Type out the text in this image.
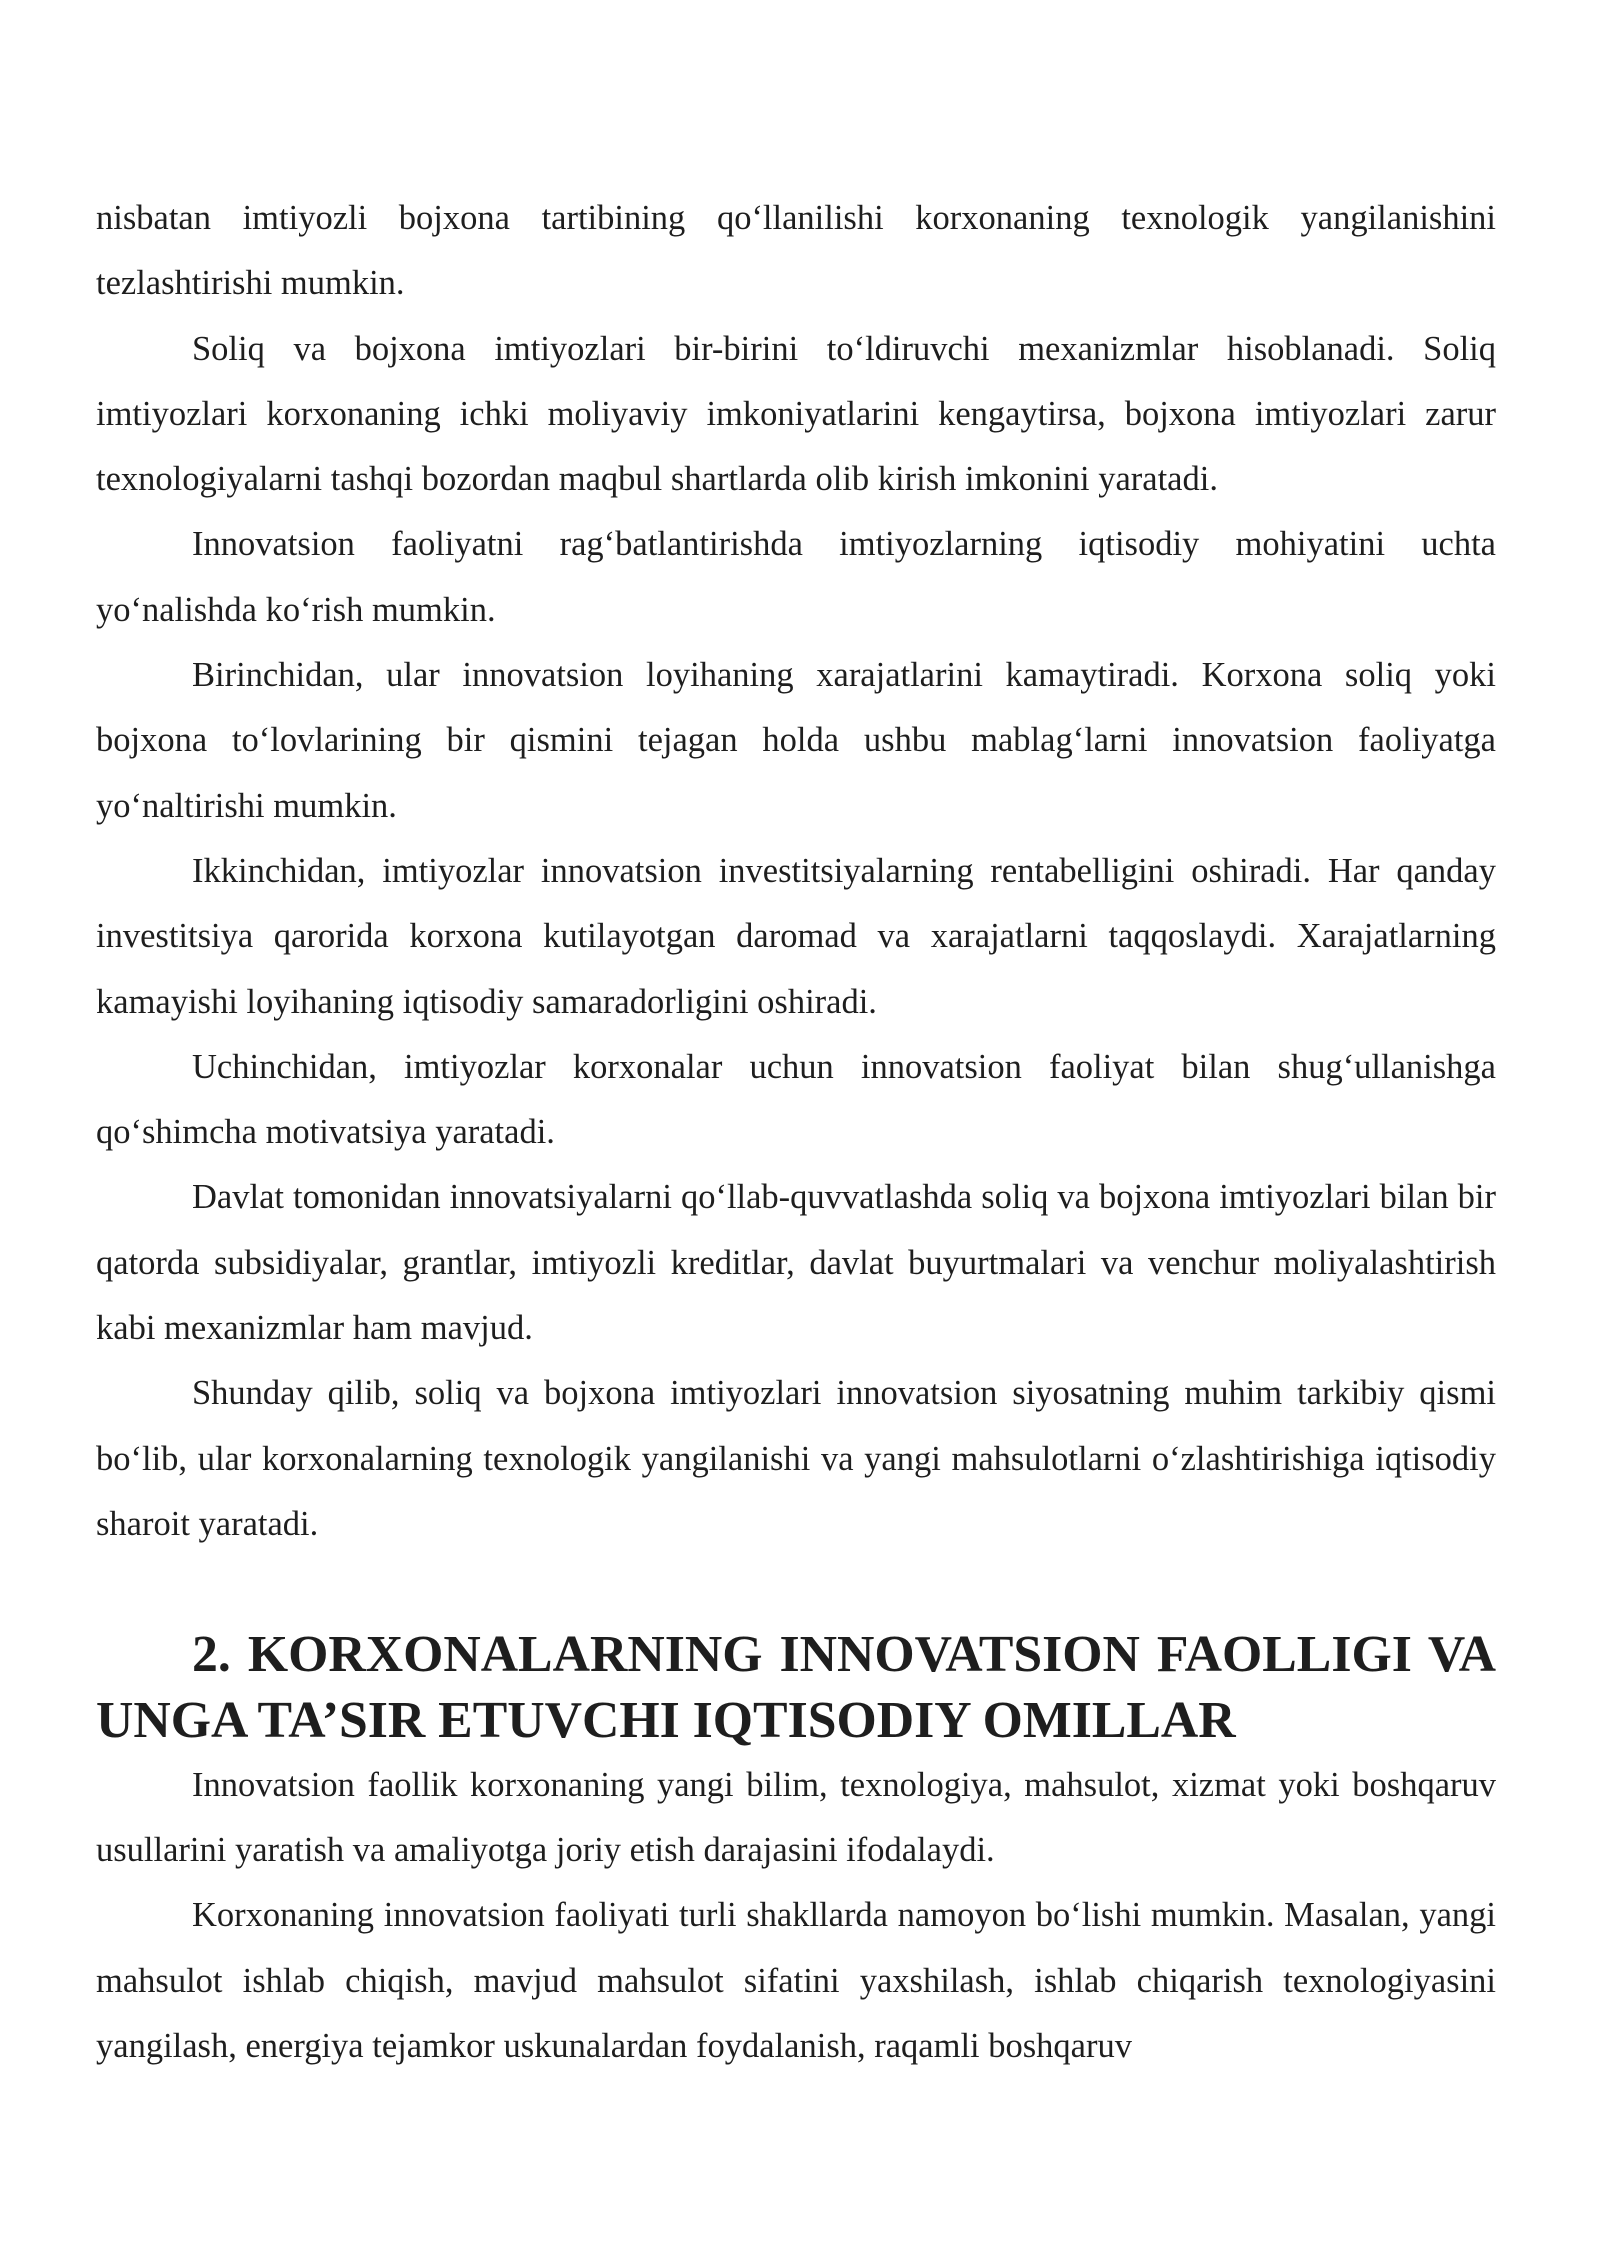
nisbatan imtiyozli bojxona tartibining qo‘llanilishi korxonaning texnologik yangilanishini tezlashtirishi mumkin.

Soliq va bojxona imtiyozlari bir-birini to‘ldiruvchi mexanizmlar hisoblanadi. Soliq imtiyozlari korxonaning ichki moliyaviy imkoniyatlarini kengaytirsa, bojxona imtiyozlari zarur texnologiyalarni tashqi bozordan maqbul shartlarda olib kirish imkonini yaratadi.

Innovatsion faoliyatni rag‘batlantirishda imtiyozlarning iqtisodiy mohiyatini uchta yo‘nalishda ko‘rish mumkin.

Birinchidan, ular innovatsion loyihaning xarajatlarini kamaytiradi. Korxona soliq yoki bojxona to‘lovlarining bir qismini tejagan holda ushbu mablag‘larni innovatsion faoliyatga yo‘naltirishi mumkin.

Ikkinchidan, imtiyozlar innovatsion investitsiyalarning rentabelligini oshiradi. Har qanday investitsiya qarorida korxona kutilayotgan daromad va xarajatlarni taqqoslaydi. Xarajatlarning kamayishi loyihaning iqtisodiy samaradorligini oshiradi.

Uchinchidan, imtiyozlar korxonalar uchun innovatsion faoliyat bilan shug‘ullanishga qo‘shimcha motivatsiya yaratadi.

Davlat tomonidan innovatsiyalarni qo‘llab-quvvatlashda soliq va bojxona imtiyozlari bilan bir qatorda subsidiyalar, grantlar, imtiyozli kreditlar, davlat buyurtmalari va venchur moliyalashtirish kabi mexanizmlar ham mavjud.

Shunday qilib, soliq va bojxona imtiyozlari innovatsion siyosatning muhim tarkibiy qismi bo‘lib, ular korxonalarning texnologik yangilanishi va yangi mahsulotlarni o‘zlashtirishiga iqtisodiy sharoit yaratadi.

2. KORXONALARNING INNOVATSION FAOLLIGI VA UNGA TA’SIR ETUVCHI IQTISODIY OMILLAR

Innovatsion faollik korxonaning yangi bilim, texnologiya, mahsulot, xizmat yoki boshqaruv usullarini yaratish va amaliyotga joriy etish darajasini ifodalaydi.

Korxonaning innovatsion faoliyati turli shakllarda namoyon bo‘lishi mumkin. Masalan, yangi mahsulot ishlab chiqish, mavjud mahsulot sifatini yaxshilash, ishlab chiqarish texnologiyasini yangilash, energiya tejamkor uskunalardan foydalanish, raqamli boshqaruv
